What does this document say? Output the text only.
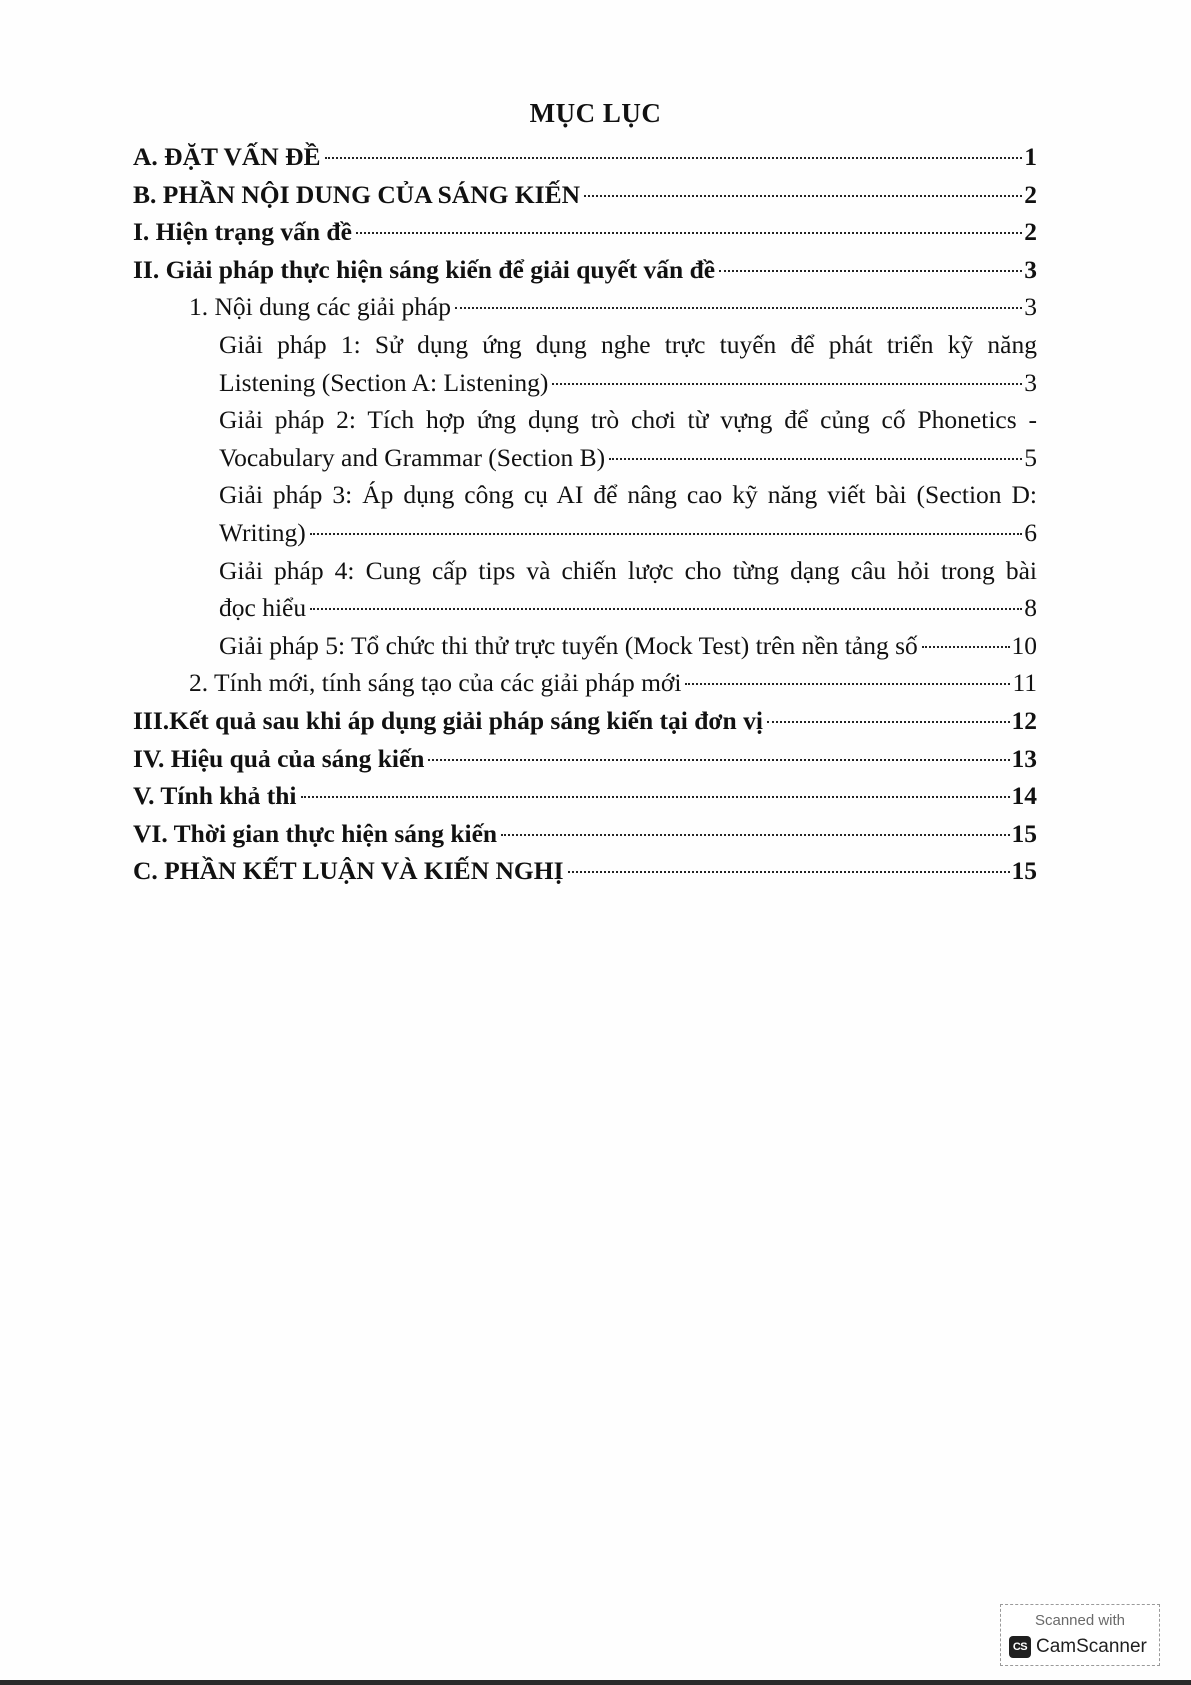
MỤC LỤC
A. ĐẶT VẤN ĐỀ	1
B. PHẦN NỘI DUNG CỦA SÁNG KIẾN	2
I. Hiện trạng vấn đề	2
II. Giải pháp thực hiện sáng kiến để giải quyết vấn đề	3
1. Nội dung các giải pháp	3
Giải pháp 1: Sử dụng ứng dụng nghe trực tuyến để phát triển kỹ năng
Listening (Section A: Listening)	3
Giải pháp 2: Tích hợp ứng dụng trò chơi từ vựng để củng cố Phonetics -
Vocabulary and Grammar (Section B)	5
Giải pháp 3: Áp dụng công cụ AI để nâng cao kỹ năng viết bài (Section D:
Writing)	6
Giải pháp 4: Cung cấp tips và chiến lược cho từng dạng câu hỏi trong bài
đọc hiểu	8
Giải pháp 5: Tổ chức thi thử trực tuyến (Mock Test) trên nền tảng số	10
2. Tính mới, tính sáng tạo của các giải pháp mới	11
III.Kết quả sau khi áp dụng giải pháp sáng kiến tại đơn vị	12
IV. Hiệu quả của sáng kiến	13
V. Tính khả thi	14
VI. Thời gian thực hiện sáng kiến	15
C. PHẦN KẾT LUẬN VÀ KIẾN NGHỊ	15
Scanned with
CS CamScanner
